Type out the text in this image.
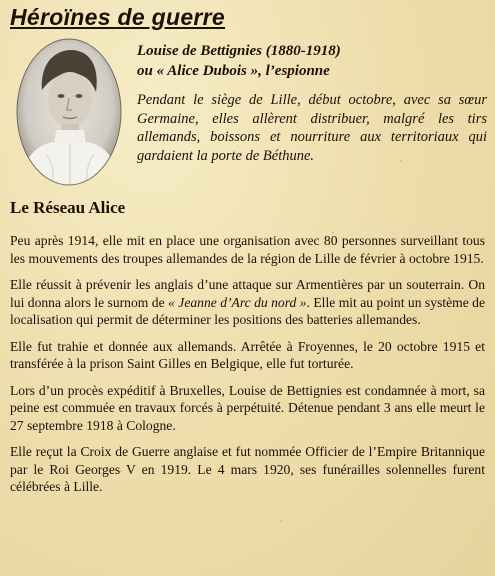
Héroïnes de guerre
Louise de Bettignies (1880-1918)
ou « Alice Dubois », l’espionne

Pendant le siège de Lille, début octobre, avec sa sœur Germaine, elles allèrent distribuer, malgré les tirs allemands, boissons et nourriture aux territoriaux qui gardaient la porte de Béthune.

Le Réseau Alice

Peu après 1914, elle mit en place une organisation avec 80 personnes surveillant tous les mouvements des troupes allemandes de la région de Lille de février à octobre 1915.

Elle réussit à prévenir les anglais d’une attaque sur Armentières par un souterrain. On lui donna alors le surnom de « Jeanne d’Arc du nord ». Elle mit au point un système de localisation qui permit de déterminer les positions des batteries allemandes.

Elle fut trahie et donnée aux allemands. Arrêtée à Froyennes, le 20 octobre 1915 et transférée à la prison Saint Gilles en Belgique, elle fut torturée.

Lors d’un procès expéditif à Bruxelles, Louise de Bettignies est condamnée à mort, sa peine est commuée en travaux forcés à perpétuité. Détenue pendant 3 ans elle meurt le 27 septembre 1918 à Cologne.

Elle reçut la Croix de Guerre anglaise et fut nommée Officier de l’Empire Britannique par le Roi Georges V en 1919. Le 4 mars 1920, ses funérailles solennelles furent célébrées à Lille.
